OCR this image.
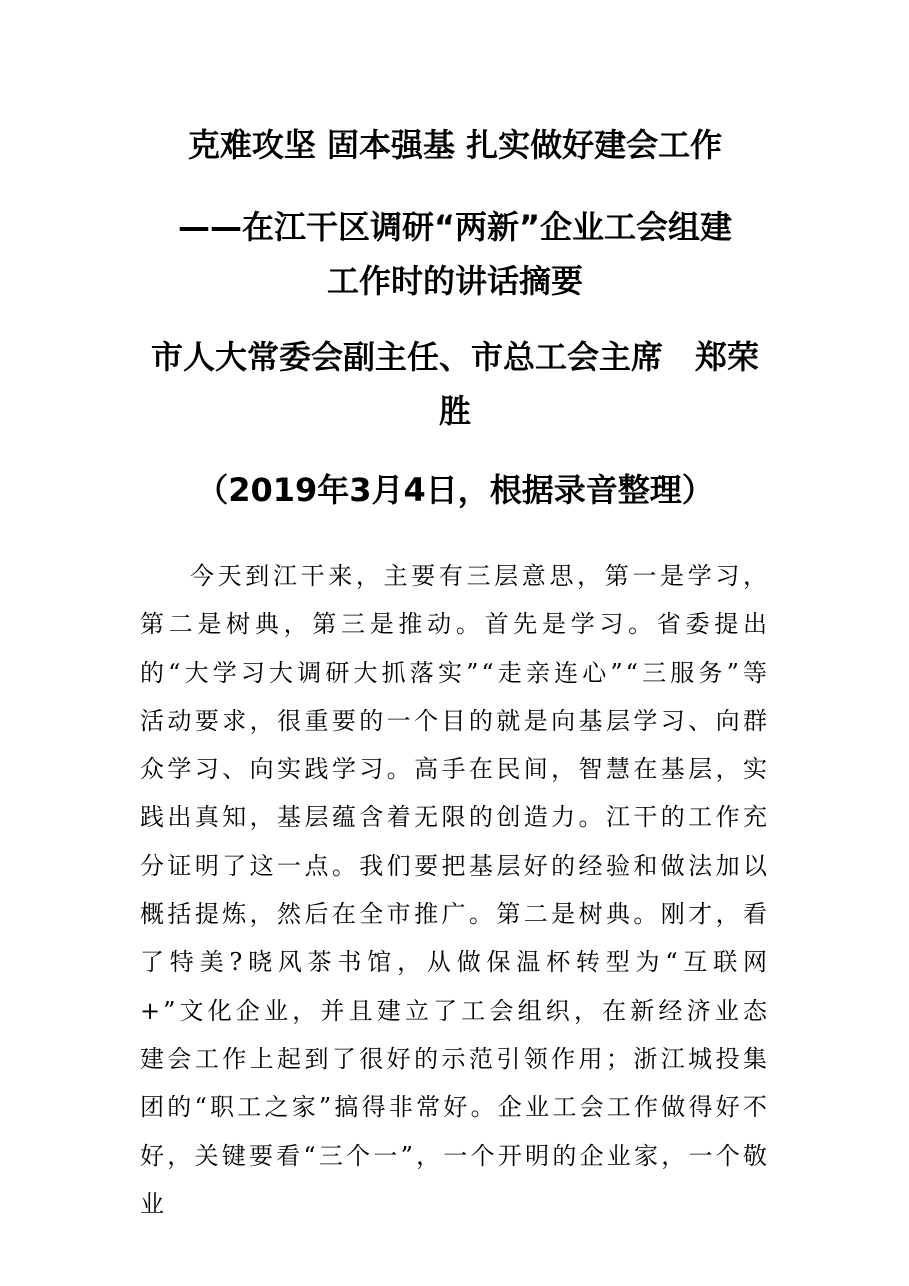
克难攻坚 固本强基 扎实做好建会工作
——在江干区调研“两新”企业工会组建
工作时的讲话摘要
市人大常委会副主任、市总工会主席　郑荣胜
（2019年3月4日，根据录音整理）

今天到江干来，主要有三层意思，第一是学习，第二是树典，第三是推动。首先是学习。省委提出的“大学习大调研大抓落实”“走亲连心”“三服务”等活动要求，很重要的一个目的就是向基层学习、向群众学习、向实践学习。高手在民间，智慧在基层，实践出真知，基层蕴含着无限的创造力。江干的工作充分证明了这一点。我们要把基层好的经验和做法加以概括提炼，然后在全市推广。第二是树典。刚才，看了特美?晓风茶书馆，从做保温杯转型为“互联网+”文化企业，并且建立了工会组织，在新经济业态建会工作上起到了很好的示范引领作用；浙江城投集团的“职工之家”搞得非常好。企业工会工作做得好不好，关键要看“三个一”，一个开明的企业家，一个敬业
